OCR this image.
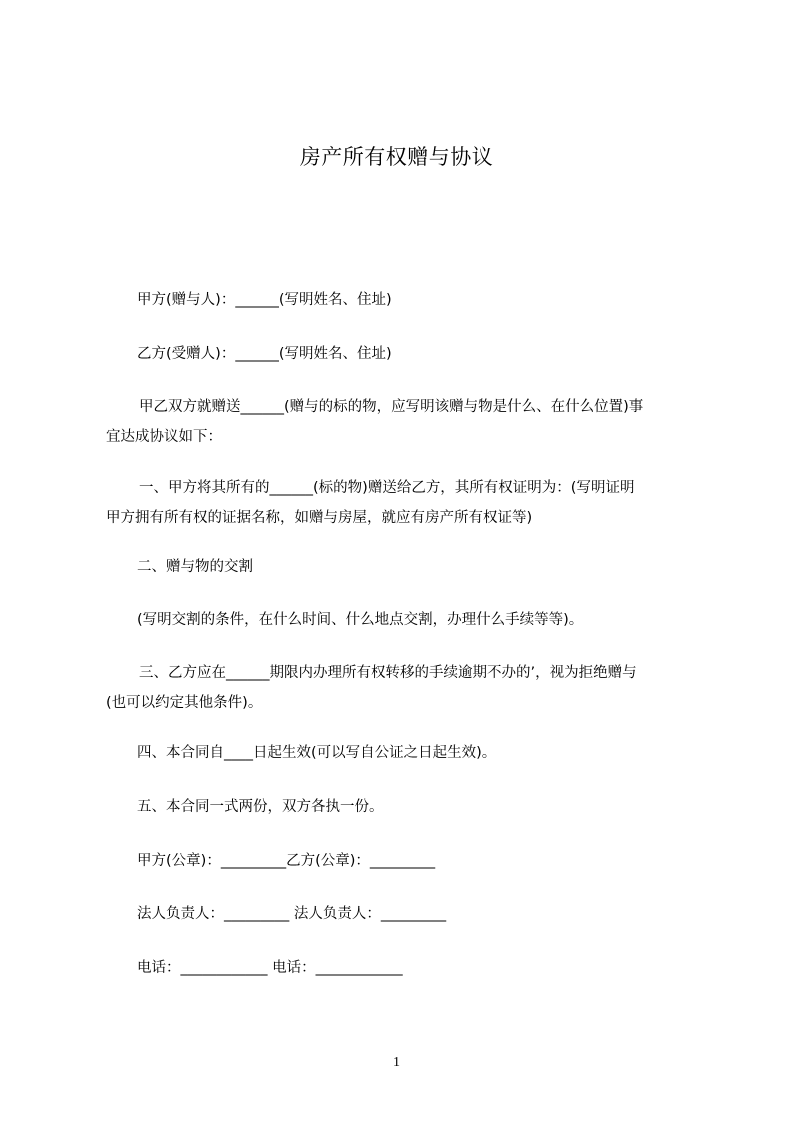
房产所有权赠与协议
甲方(赠与人)：______(写明姓名、住址)
乙方(受赠人)：______(写明姓名、住址)
甲乙双方就赠送______(赠与的标的物，应写明该赠与物是什么、在什么位置)事
宜达成协议如下：
一、甲方将其所有的______(标的物)赠送给乙方，其所有权证明为：(写明证明
甲方拥有所有权的证据名称，如赠与房屋，就应有房产所有权证等)
二、赠与物的交割
(写明交割的条件，在什么时间、什么地点交割，办理什么手续等等)。
三、乙方应在______期限内办理所有权转移的手续逾期不办的’，视为拒绝赠与
(也可以约定其他条件)。
四、本合同自____日起生效(可以写自公证之日起生效)。
五、本合同一式两份，双方各执一份。
甲方(公章)：_________乙方(公章)：_________
法人负责人：_________ 法人负责人：_________
电话：____________ 电话：____________
1
